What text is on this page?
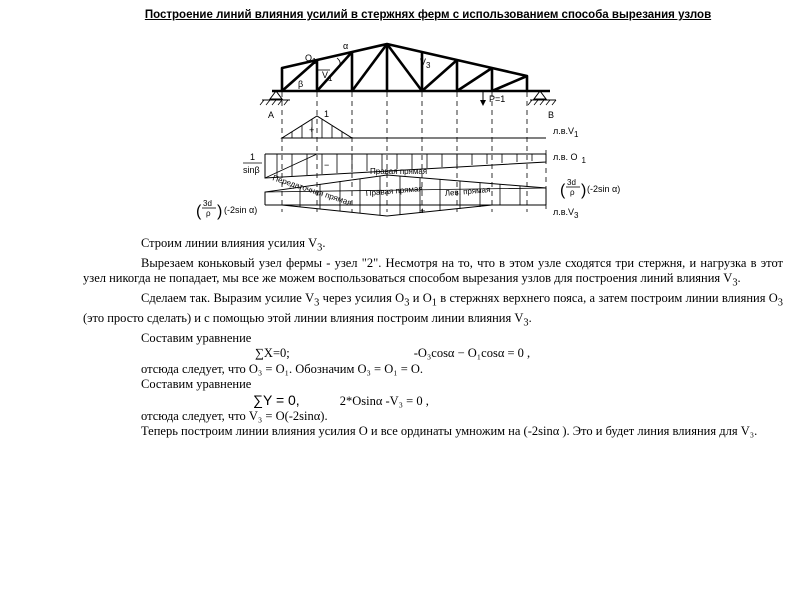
Построение линий влияния усилий в стержнях ферм с использованием способа вырезания узлов
O1
α
V1
β
V3
P=1
A	B
1
+	л.в.V1
−
л.в. O 1
1
sinβ
Передаточная прямая
Правая прямая
+
Правая прямая	Лев. прямая
л.в.V3
( 3d
ρ ) (-2sin α)
( 3d
ρ ) (-2sin α)

Строим линии влияния усилия $V_3$.

Вырезаем коньковый узел фермы - узел "2". Несмотря на то, что в этом узле сходятся три стержня, и нагрузка в этот узел никогда не попадает, мы все же можем воспользоваться способом вырезания узлов для построения линий влияния $V_3$.

Сделаем так. Выразим усилие $V_3$ через усилия $O_3$ и $O_1$ в стержнях верхнего пояса, а затем построим линии влияния $O_3$ (это просто сделать) и с помощью этой линии влияния построим линии влияния $V_3$.

Составим уравнение

∑X=0;	-O₃cosα − O₁cosα = 0 ,

отсюда следует, что O₃ = O₁. Обозначим O₃ = O₁ = O.

Составим уравнение

∑Y = 0,	2*Osinα -V₃ = 0 ,

отсюда следует, что V₃ = O(-2sinα).

Теперь построим линии влияния усилия O и все ординаты умножим на (-2sinα ). Это и будет линия влияния для V₃.
